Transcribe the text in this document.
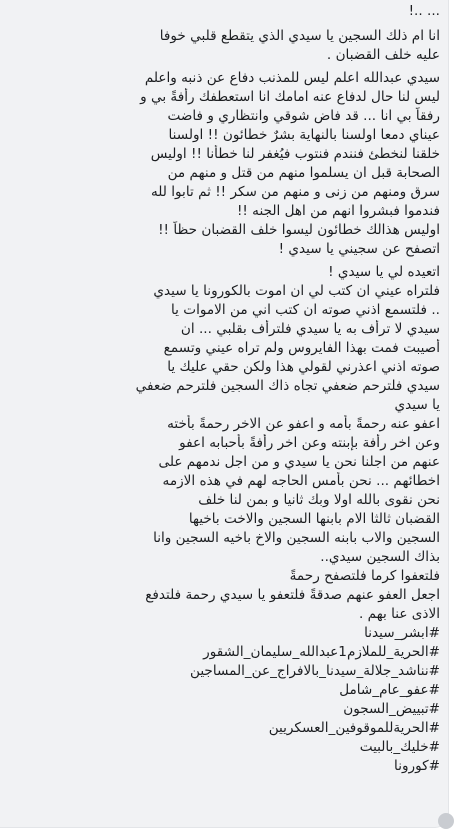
... ..!
انا ام ذلك السجين يا سيدي الذي يتقطع قلبي خوفا
عليه خلف القضبان .
سيدي عبدالله اعلم ليس للمذنب دفاع عن ذنبه واعلم
ليس لنا حال لدفاع عنه امامك انا استعطفك رأفةً بي و
رفقاً بي انا ... قد فاض شوقي وانتظاري و فاضت
عيناي دمعا اولسنا بالنهاية بشرٌ خطائون !! اولسنا
خلقنا لنخطئ فنندم فنتوب فيُغفر لنا خطأنا !! اوليس
الصحابة قبل ان يسلموا منهم من قتل و منهم من
سرق ومنهم من زنى و منهم من سكر !! ثم تابوا لله
فندموا فبشروا انهم من اهل الجنه !!
اوليس هذالك خطائون ليسوا خلف القضبان حظاً !!
اتصفح عن سجيني يا سيدي !
اتعيده لي يا سيدي !
فلتراه عيني ان كتب لي ان اموت بالكورونا يا سيدي
.. فلتسمع اذني صوته ان كتب اني من الاموات يا
سيدي لا ترأف به يا سيدي فلترأف بقلبي ... ان
أُصيبت فمت بهذا الفايروس ولم تراه عيني وتسمع
صوته اذني اعذرني لقولي هذا ولكن حقي عليك يا
سيدي فلترحم ضعفي تجاه ذاك السجين فلترحم ضعفي
يا سيدي
اعفو عنه رحمةً بأمه و اعفو عن الاخر رحمةً بأخته
وعن اخر رأفة بإبنته وعن اخر رأفةً بأحبابه اعفو
عنهم من اجلنا نحن يا سيدي و من اجل ندمهم على
اخطائهم ... نحن بأمس الحاجه لهم في هذه الازمه
نحن نقوى بالله اولا وبك ثانيا و بمن لنا خلف
القضبان ثالثا الام بابنها السجين والاخت باخيها
السجين والاب بابنه السجين والاخ باخيه السجين وانا
بذاك السجين سيدي..
فلتعفوا كرما فلتصفح رحمةً
اجعل العفو عنهم صدقةً فلتعفو يا سيدي رحمة فلتدفع
الاذى عنا بهم .
#ابشر_سيدنا
#الحرية_للملازم1عبدالله_سليمان_الشقور
#نناشد_جلالة_سيدنا_بالافراج_عن_المساجين
#عفو_عام_شامل
#تبييض_السجون
#الحريةللموقوفين_العسكريين
#خليك_بالبيت
#كورونا
